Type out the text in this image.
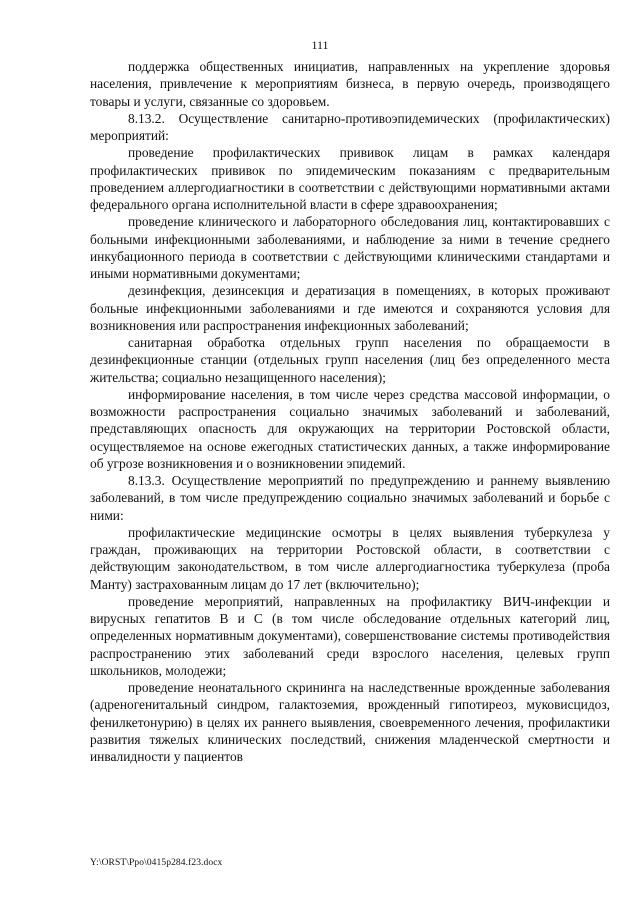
111

поддержка общественных инициатив, направленных на укрепление здоровья населения, привлечение к мероприятиям бизнеса, в первую очередь, производящего товары и услуги, связанные со здоровьем.

8.13.2. Осуществление санитарно-противоэпидемических (профилактических) мероприятий:

проведение профилактических прививок лицам в рамках календаря профилактических прививок по эпидемическим показаниям с предварительным проведением аллергодиагностики в соответствии с действующими нормативными актами федерального органа исполнительной власти в сфере здравоохранения;

проведение клинического и лабораторного обследования лиц, контактировавших с больными инфекционными заболеваниями, и наблюдение за ними в течение среднего инкубационного периода в соответствии с действующими клиническими стандартами и иными нормативными документами;

дезинфекция, дезинсекция и дератизация в помещениях, в которых проживают больные инфекционными заболеваниями и где имеются и сохраняются условия для возникновения или распространения инфекционных заболеваний;

санитарная обработка отдельных групп населения по обращаемости в дезинфекционные станции (отдельных групп населения (лиц без определенного места жительства; социально незащищенного населения);

информирование населения, в том числе через средства массовой информации, о возможности распространения социально значимых заболеваний и заболеваний, представляющих опасность для окружающих на территории Ростовской области, осуществляемое на основе ежегодных статистических данных, а также информирование об угрозе возникновения и о возникновении эпидемий.

8.13.3. Осуществление мероприятий по предупреждению и раннему выявлению заболеваний, в том числе предупреждению социально значимых заболеваний и борьбе с ними:

профилактические медицинские осмотры в целях выявления туберкулеза у граждан, проживающих на территории Ростовской области, в соответствии с действующим законодательством, в том числе аллергодиагностика туберкулеза (проба Манту) застрахованным лицам до 17 лет (включительно);

проведение мероприятий, направленных на профилактику ВИЧ-инфекции и вирусных гепатитов В и С (в том числе обследование отдельных категорий лиц, определенных нормативным документами), совершенствование системы противодействия распространению этих заболеваний среди взрослого населения, целевых групп школьников, молодежи;

проведение неонатального скрининга на наследственные врожденные заболевания (адреногенитальный синдром, галактоземия, врожденный гипотиреоз, муковисцидоз, фенилкетонурию) в целях их раннего выявления, своевременного лечения, профилактики развития тяжелых клинических последствий, снижения младенческой смертности и инвалидности у пациентов

Y:\ORST\Ppo\0415p284.f23.docx
